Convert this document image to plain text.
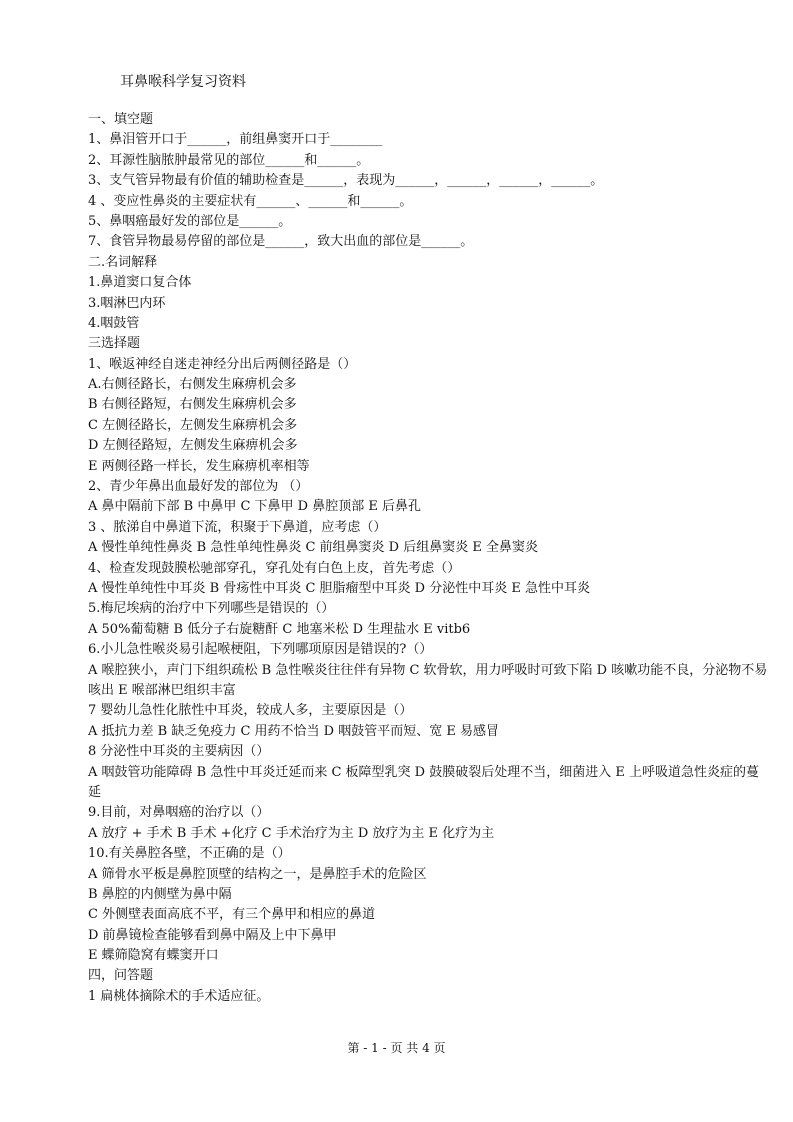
耳鼻喉科学复习资料
一、填空题
1、鼻泪管开口于______，前组鼻窦开口于________
2、耳源性脑脓肿最常见的部位______和______。
3、支气管异物最有价值的辅助检查是______，表现为______，______，______，______。
4 、变应性鼻炎的主要症状有______、______和______。
5、鼻咽癌最好发的部位是______。
7、食管异物最易停留的部位是______，致大出血的部位是______。
二.名词解释
1.鼻道窦口复合体
3.咽淋巴内环
4.咽鼓管
三选择题
1、喉返神经自迷走神经分出后两侧径路是（）
A.右侧径路长，右侧发生麻痹机会多
B 右侧径路短，右侧发生麻痹机会多
C 左侧径路长，左侧发生麻痹机会多
D 左侧径路短，左侧发生麻痹机会多
E 两侧径路一样长，发生麻痹机率相等
2、青少年鼻出血最好发的部位为 （）
A 鼻中隔前下部 B 中鼻甲 C 下鼻甲 D 鼻腔顶部 E 后鼻孔
3 、脓涕自中鼻道下流，积聚于下鼻道，应考虑（）
A 慢性单纯性鼻炎 B 急性单纯性鼻炎 C 前组鼻窦炎 D 后组鼻窦炎 E 全鼻窦炎
4、检查发现鼓膜松驰部穿孔，穿孔处有白色上皮，首先考虑（）
A 慢性单纯性中耳炎 B 骨疡性中耳炎 C 胆脂瘤型中耳炎 D 分泌性中耳炎 E 急性中耳炎
5.梅尼埃病的治疗中下列哪些是错误的（）
A 50%葡萄糖 B 低分子右旋糖酐 C 地塞米松 D 生理盐水 E vitb6
6.小儿急性喉炎易引起喉梗阻，下列哪项原因是错误的?（）
A 喉腔狭小，声门下组织疏松 B 急性喉炎往往伴有异物 C 软骨软，用力呼吸时可致下陷 D 咳嗽功能不良，分泌物不易咳出 E 喉部淋巴组织丰富
7 婴幼儿急性化脓性中耳炎，较成人多，主要原因是（）
A 抵抗力差 B 缺乏免疫力 C 用药不恰当 D 咽鼓管平而短、宽 E 易感冒
8 分泌性中耳炎的主要病因（）
A 咽鼓管功能障碍 B 急性中耳炎迁延而来 C 板障型乳突 D 鼓膜破裂后处理不当，细菌进入 E 上呼吸道急性炎症的蔓延
9.目前，对鼻咽癌的治疗以（）
A 放疗 + 手术 B 手术 +化疗 C 手术治疗为主 D 放疗为主 E 化疗为主
10.有关鼻腔各壁，不正确的是（）
A 筛骨水平板是鼻腔顶壁的结构之一，是鼻腔手术的危险区
B 鼻腔的内侧壁为鼻中隔
C 外侧壁表面高底不平，有三个鼻甲和相应的鼻道
D 前鼻镜检查能够看到鼻中隔及上中下鼻甲
E 蝶筛隐窝有蝶窦开口
四，问答题
1 扁桃体摘除术的手术适应征。
第 - 1 - 页 共 4 页
